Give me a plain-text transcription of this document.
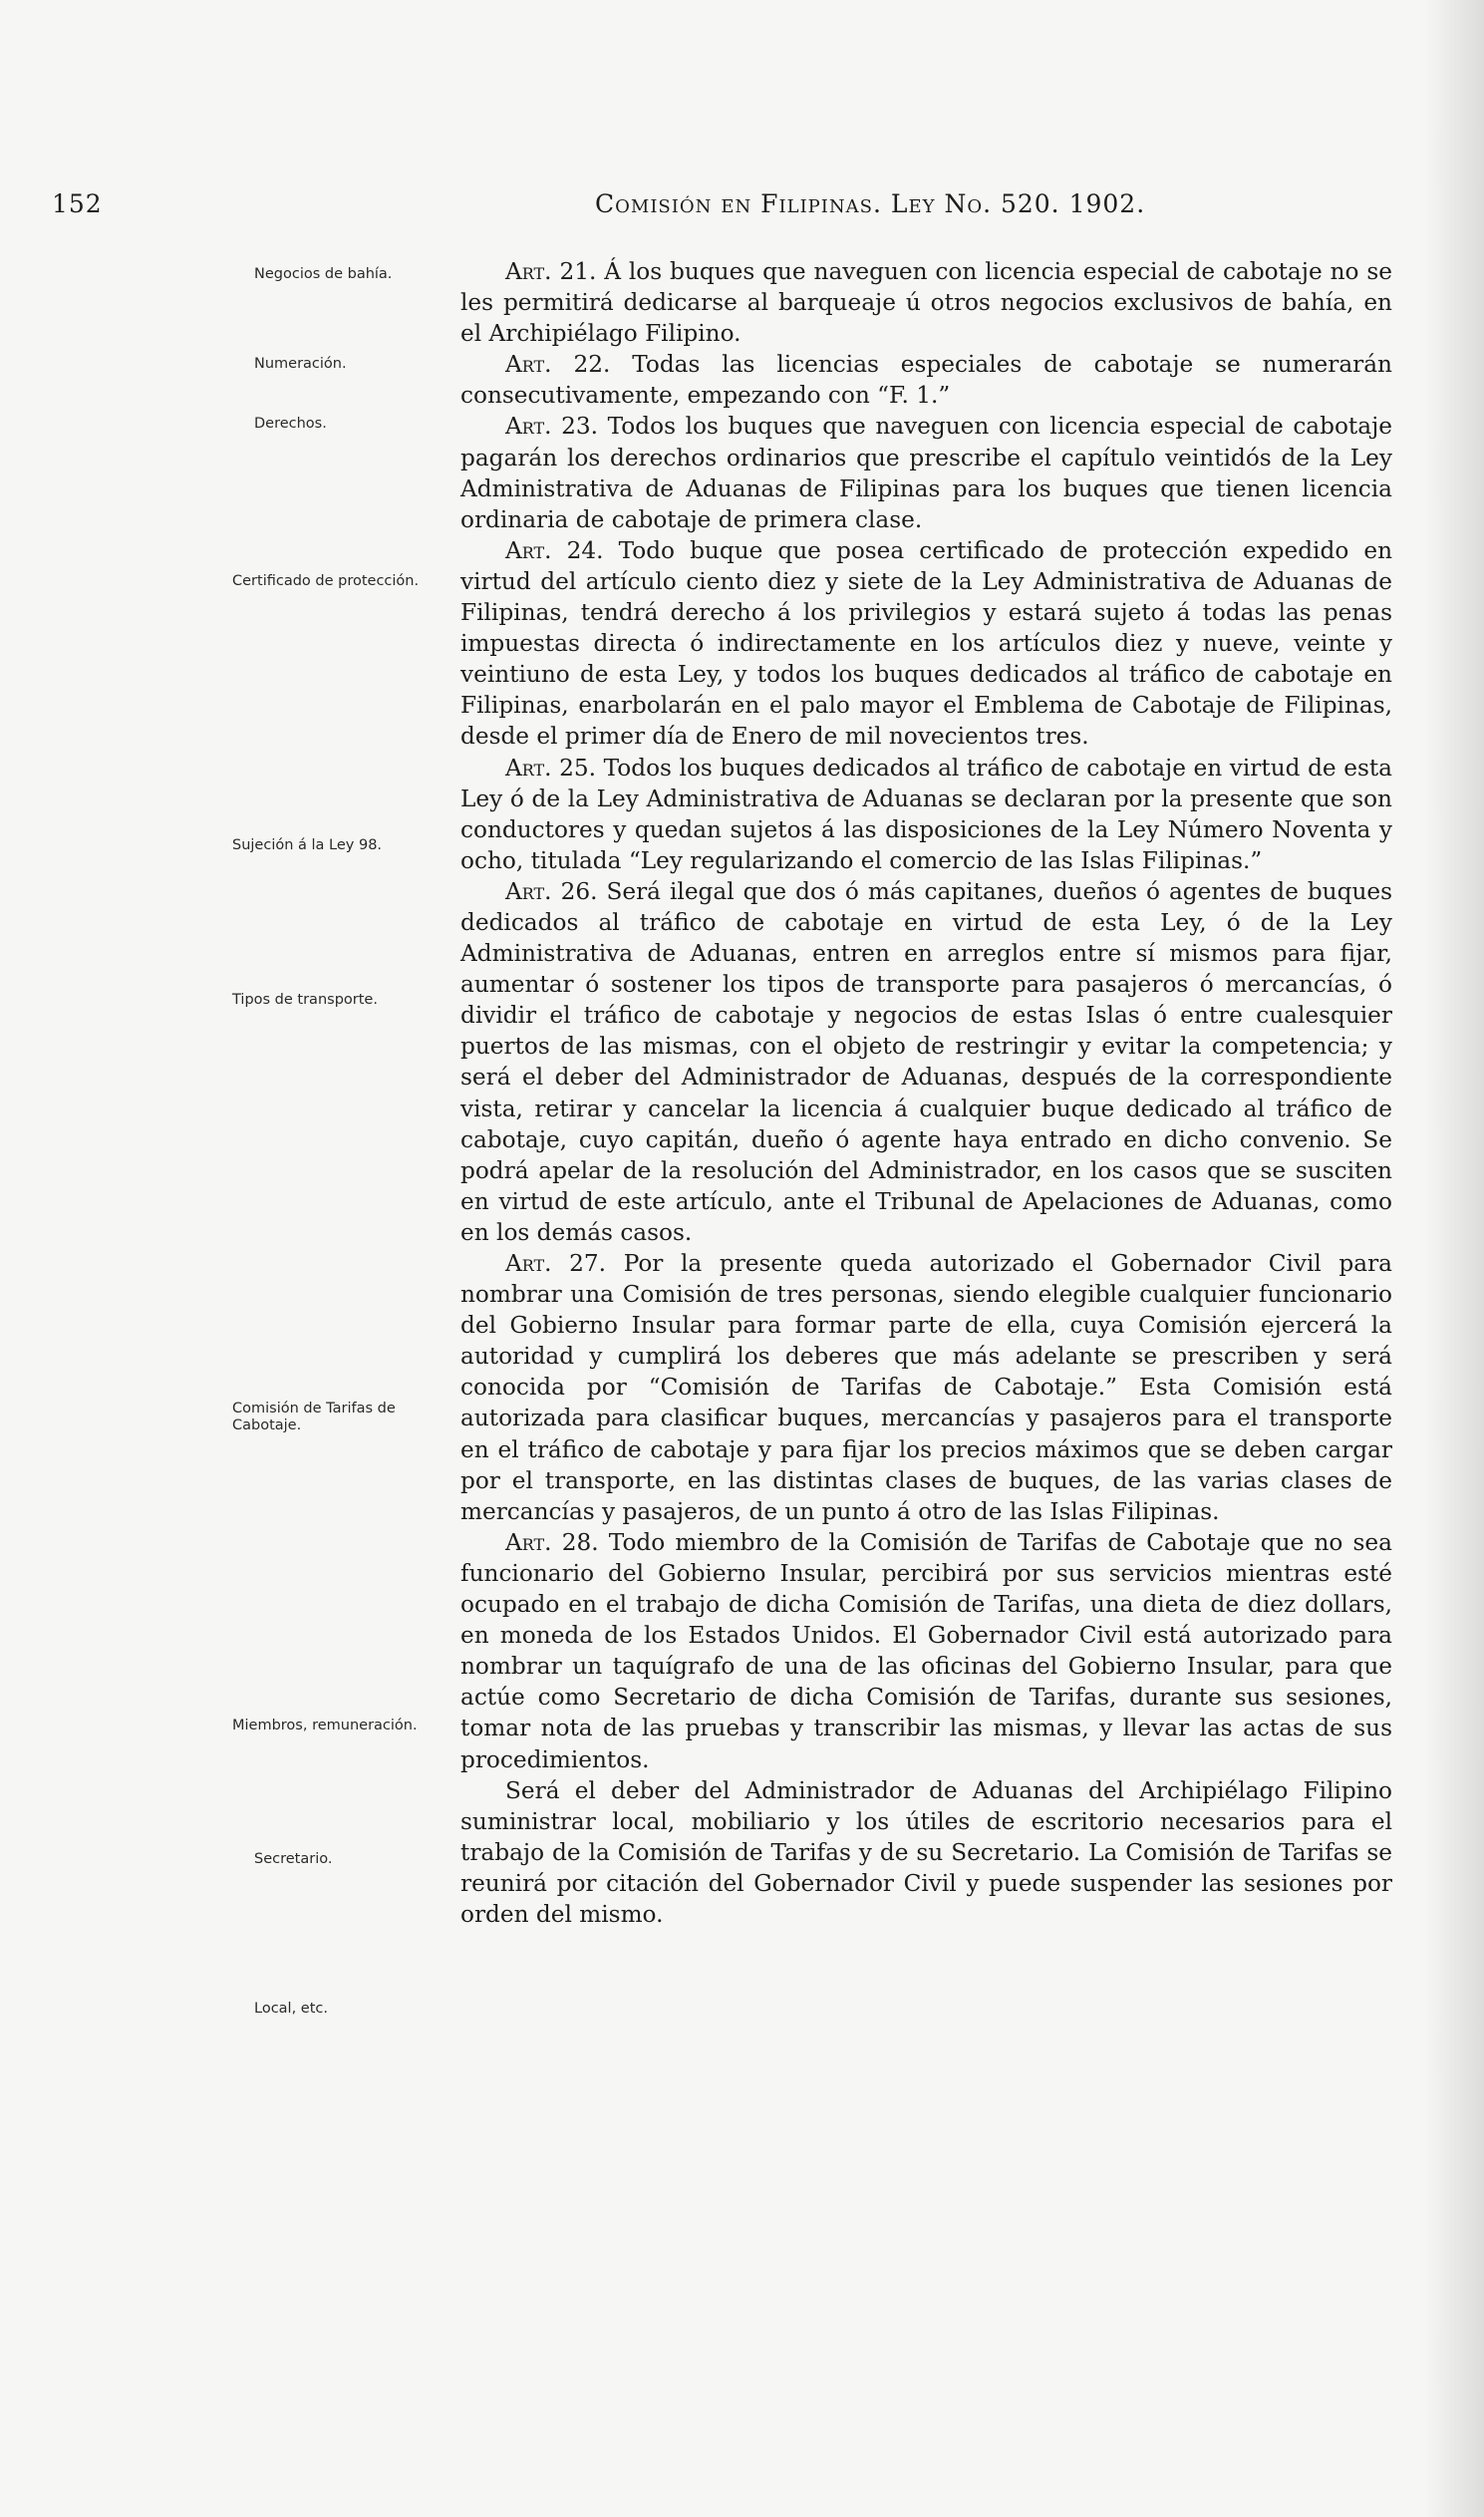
152	Comisión en Filipinas. Ley No. 520. 1902.
Negocios de bahía.
Numeración.
Derechos.
Certificado de protección.
Sujeción á la Ley 98.
Tipos de transporte.
Comisión de Tarifas de Cabotaje.
Miembros, remuneración.
Secretario.
Local, etc.

Art. 21. Á los buques que naveguen con licencia especial de cabotaje no se les permitirá dedicarse al barqueaje ú otros negocios exclusivos de bahía, en el Archipiélago Filipino.

Art. 22. Todas las licencias especiales de cabotaje se numerarán consecutivamente, empezando con “F. 1.”

Art. 23. Todos los buques que naveguen con licencia especial de cabotaje pagarán los derechos ordinarios que prescribe el capítulo veintidós de la Ley Administrativa de Aduanas de Filipinas para los buques que tienen licencia ordinaria de cabotaje de primera clase.

Art. 24. Todo buque que posea certificado de protección expedido en virtud del artículo ciento diez y siete de la Ley Administrativa de Aduanas de Filipinas, tendrá derecho á los privilegios y estará sujeto á todas las penas impuestas directa ó indirectamente en los artículos diez y nueve, veinte y veintiuno de esta Ley, y todos los buques dedicados al tráfico de cabotaje en Filipinas, enarbolarán en el palo mayor el Emblema de Cabotaje de Filipinas, desde el primer día de Enero de mil novecientos tres.

Art. 25. Todos los buques dedicados al tráfico de cabotaje en virtud de esta Ley ó de la Ley Administrativa de Aduanas se declaran por la presente que son conductores y quedan sujetos á las disposiciones de la Ley Número Noventa y ocho, titulada “Ley regularizando el comercio de las Islas Filipinas.”

Art. 26. Será ilegal que dos ó más capitanes, dueños ó agentes de buques dedicados al tráfico de cabotaje en virtud de esta Ley, ó de la Ley Administrativa de Aduanas, entren en arreglos entre sí mismos para fijar, aumentar ó sostener los tipos de transporte para pasajeros ó mercancías, ó dividir el tráfico de cabotaje y negocios de estas Islas ó entre cualesquier puertos de las mismas, con el objeto de restringir y evitar la competencia; y será el deber del Administrador de Aduanas, después de la correspondiente vista, retirar y cancelar la licencia á cualquier buque dedicado al tráfico de cabotaje, cuyo capitán, dueño ó agente haya entrado en dicho convenio. Se podrá apelar de la resolución del Administrador, en los casos que se susciten en virtud de este artículo, ante el Tribunal de Apelaciones de Aduanas, como en los demás casos.

Art. 27. Por la presente queda autorizado el Gobernador Civil para nombrar una Comisión de tres personas, siendo elegible cualquier funcionario del Gobierno Insular para formar parte de ella, cuya Comisión ejercerá la autoridad y cumplirá los deberes que más adelante se prescriben y será conocida por “Comisión de Tarifas de Cabotaje.” Esta Comisión está autorizada para clasificar buques, mercancías y pasajeros para el transporte en el tráfico de cabotaje y para fijar los precios máximos que se deben cargar por el transporte, en las distintas clases de buques, de las varias clases de mercancías y pasajeros, de un punto á otro de las Islas Filipinas.

Art. 28. Todo miembro de la Comisión de Tarifas de Cabotaje que no sea funcionario del Gobierno Insular, percibirá por sus servicios mientras esté ocupado en el trabajo de dicha Comisión de Tarifas, una dieta de diez dollars, en moneda de los Estados Unidos. El Gobernador Civil está autorizado para nombrar un taquígrafo de una de las oficinas del Gobierno Insular, para que actúe como Secretario de dicha Comisión de Tarifas, durante sus sesiones, tomar nota de las pruebas y transcribir las mismas, y llevar las actas de sus procedimientos.

Será el deber del Administrador de Aduanas del Archipiélago Filipino suministrar local, mobiliario y los útiles de escritorio necesarios para el trabajo de la Comisión de Tarifas y de su Secretario. La Comisión de Tarifas se reunirá por citación del Gobernador Civil y puede suspender las sesiones por orden del mismo.
